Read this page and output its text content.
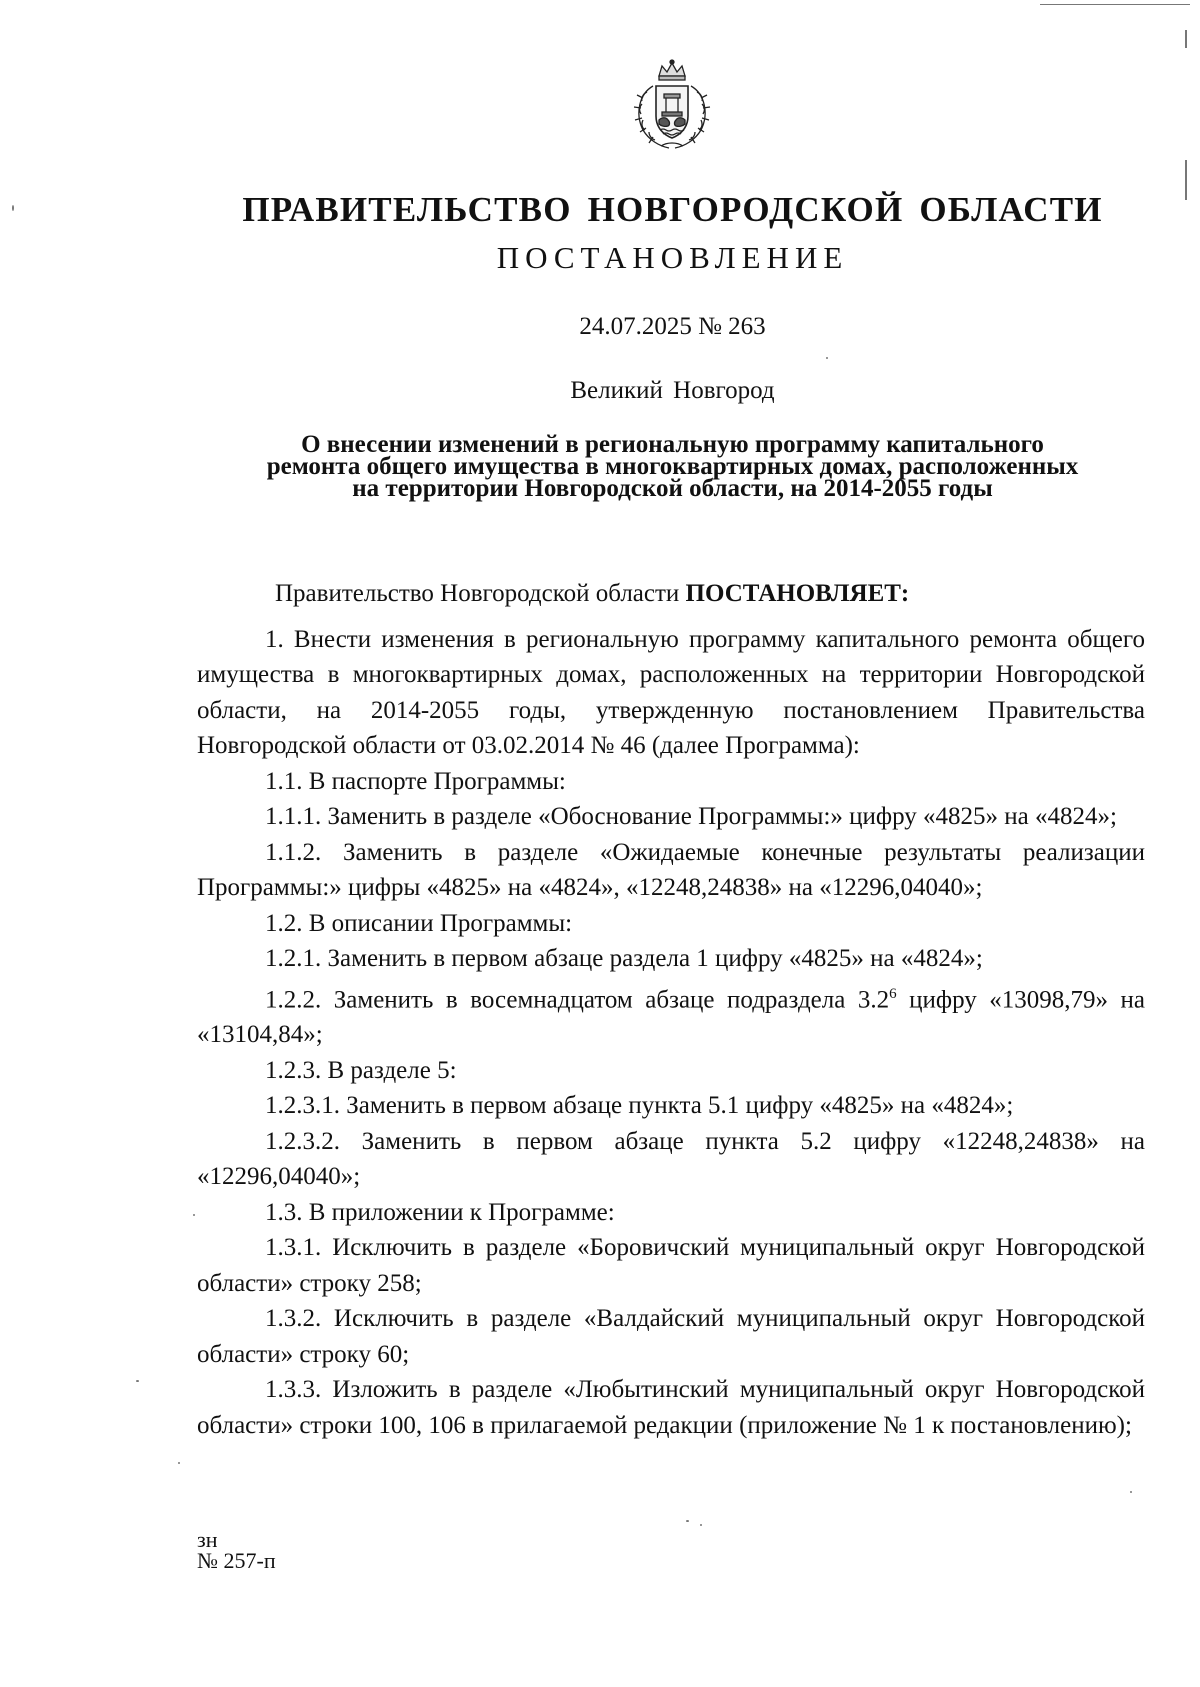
ПРАВИТЕЛЬСТВО НОВГОРОДСКОЙ ОБЛАСТИ
ПОСТАНОВЛЕНИЕ
24.07.2025 № 263
Великий Новгород
О внесении изменений в региональную программу капитального
ремонта общего имущества в многоквартирных домах, расположенных
на территории Новгородской области, на 2014-2055 годы

Правительство Новгородской области ПОСТАНОВЛЯЕТ:

1. Внести изменения в региональную программу капитального ремонта общего имущества в многоквартирных домах, расположенных на территории Новгородской области, на 2014-2055 годы, утвержденную постановлением Правительства Новгородской области от 03.02.2014 № 46 (далее Программа):

1.1. В паспорте Программы:

1.1.1. Заменить в разделе «Обоснование Программы:» цифру «4825» на «4824»;

1.1.2. Заменить в разделе «Ожидаемые конечные результаты реализации Программы:» цифры «4825» на «4824», «12248,24838» на «12296,04040»;

1.2. В описании Программы:

1.2.1. Заменить в первом абзаце раздела 1 цифру «4825» на «4824»;

1.2.2. Заменить в восемнадцатом абзаце подраздела $3.2^6$ цифру «13098,79» на «13104,84»;

1.2.3. В разделе 5:

1.2.3.1. Заменить в первом абзаце пункта 5.1 цифру «4825» на «4824»;

1.2.3.2. Заменить в первом абзаце пункта 5.2 цифру «12248,24838» на «12296,04040»;

1.3. В приложении к Программе:

1.3.1. Исключить в разделе «Боровичский муниципальный округ Новгородской области» строку 258;

1.3.2. Исключить в разделе «Валдайский муниципальный округ Новгородской области» строку 60;

1.3.3. Изложить в разделе «Любытинский муниципальный округ Новгородской области» строки 100, 106 в прилагаемой редакции (приложение № 1 к постановлению);

зн
№ 257-п
